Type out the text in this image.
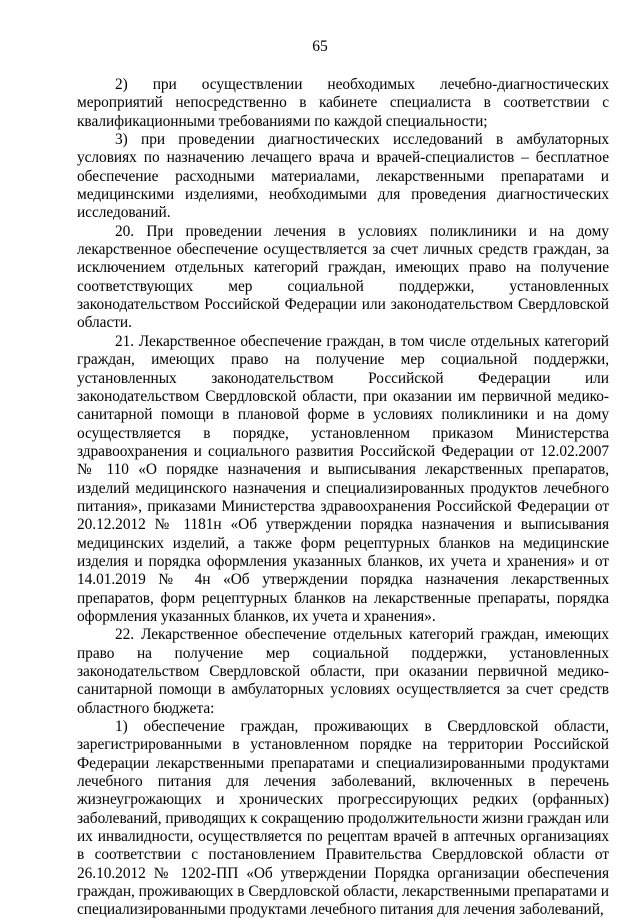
65

2) при осуществлении необходимых лечебно-диагностических мероприятий непосредственно в кабинете специалиста в соответствии с квалификационными требованиями по каждой специальности;

3) при проведении диагностических исследований в амбулаторных условиях по назначению лечащего врача и врачей-специалистов – бесплатное обеспечение расходными материалами, лекарственными препаратами и медицинскими изделиями, необходимыми для проведения диагностических исследований.

20. При проведении лечения в условиях поликлиники и на дому лекарственное обеспечение осуществляется за счет личных средств граждан, за исключением отдельных категорий граждан, имеющих право на получение соответствующих мер социальной поддержки, установленных законодательством Российской Федерации или законодательством Свердловской области.

21. Лекарственное обеспечение граждан, в том числе отдельных категорий граждан, имеющих право на получение мер социальной поддержки, установленных законодательством Российской Федерации или законодательством Свердловской области, при оказании им первичной медико-санитарной помощи в плановой форме в условиях поликлиники и на дому осуществляется в порядке, установленном приказом Министерства здравоохранения и социального развития Российской Федерации от 12.02.2007 № 110 «О порядке назначения и выписывания лекарственных препаратов, изделий медицинского назначения и специализированных продуктов лечебного питания», приказами Министерства здравоохранения Российской Федерации от 20.12.2012 № 1181н «Об утверждении порядка назначения и выписывания медицинских изделий, а также форм рецептурных бланков на медицинские изделия и порядка оформления указанных бланков, их учета и хранения» и от 14.01.2019 № 4н «Об утверждении порядка назначения лекарственных препаратов, форм рецептурных бланков на лекарственные препараты, порядка оформления указанных бланков, их учета и хранения».

22. Лекарственное обеспечение отдельных категорий граждан, имеющих право на получение мер социальной поддержки, установленных законодательством Свердловской области, при оказании первичной медико-санитарной помощи в амбулаторных условиях осуществляется за счет средств областного бюджета:

1) обеспечение граждан, проживающих в Свердловской области, зарегистрированными в установленном порядке на территории Российской Федерации лекарственными препаратами и специализированными продуктами лечебного питания для лечения заболеваний, включенных в перечень жизнеугрожающих и хронических прогрессирующих редких (орфанных) заболеваний, приводящих к сокращению продолжительности жизни граждан или их инвалидности, осуществляется по рецептам врачей в аптечных организациях в соответствии с постановлением Правительства Свердловской области от 26.10.2012 № 1202-ПП «Об утверждении Порядка организации обеспечения граждан, проживающих в Свердловской области, лекарственными препаратами и специализированными продуктами лечебного питания для лечения заболеваний,
